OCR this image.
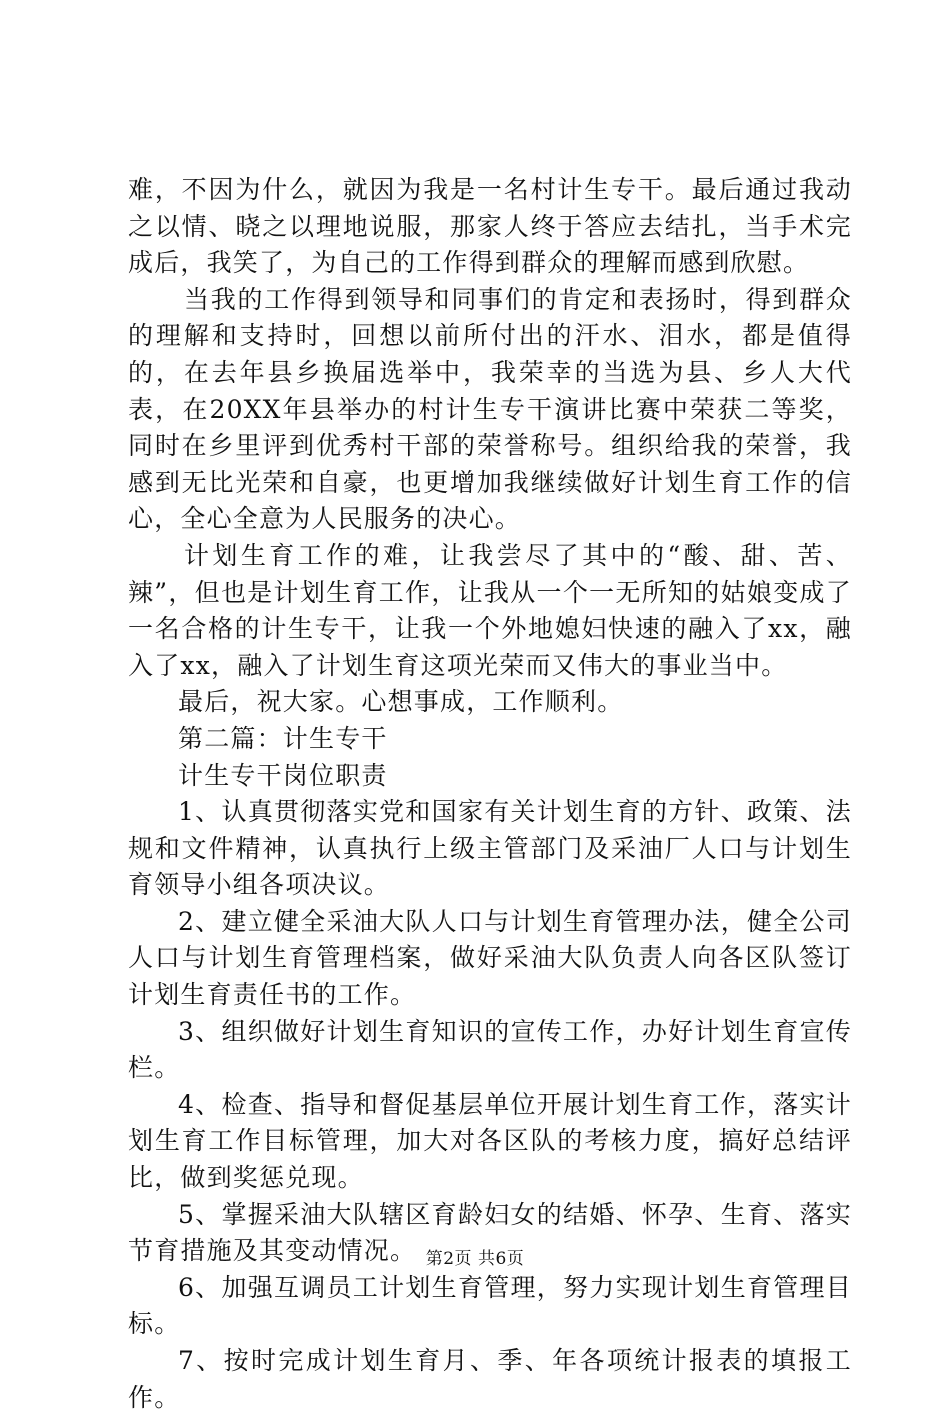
难，不因为什么，就因为我是一名村计生专干。最后通过我动之以情、晓之以理地说服，那家人终于答应去结扎，当手术完成后，我笑了，为自己的工作得到群众的理解而感到欣慰。

当我的工作得到领导和同事们的肯定和表扬时，得到群众的理解和支持时，回想以前所付出的汗水、泪水，都是值得的，在去年县乡换届选举中，我荣幸的当选为县、乡人大代表，在20XX年县举办的村计生专干演讲比赛中荣获二等奖，同时在乡里评到优秀村干部的荣誉称号。组织给我的荣誉，我感到无比光荣和自豪，也更增加我继续做好计划生育工作的信心，全心全意为人民服务的决心。

计划生育工作的难，让我尝尽了其中的“酸、甜、苦、辣”，但也是计划生育工作，让我从一个一无所知的姑娘变成了一名合格的计生专干，让我一个外地媳妇快速的融入了xx，融入了xx，融入了计划生育这项光荣而又伟大的事业当中。

最后，祝大家。心想事成，工作顺利。

第二篇：计生专干

计生专干岗位职责

1、认真贯彻落实党和国家有关计划生育的方针、政策、法规和文件精神，认真执行上级主管部门及采油厂人口与计划生育领导小组各项决议。

2、建立健全采油大队人口与计划生育管理办法，健全公司人口与计划生育管理档案，做好采油大队负责人向各区队签订计划生育责任书的工作。

3、组织做好计划生育知识的宣传工作，办好计划生育宣传栏。

4、检查、指导和督促基层单位开展计划生育工作，落实计划生育工作目标管理，加大对各区队的考核力度，搞好总结评比，做到奖惩兑现。

5、掌握采油大队辖区育龄妇女的结婚、怀孕、生育、落实节育措施及其变动情况。

6、加强互调员工计划生育管理，努力实现计划生育管理目标。

7、按时完成计划生育月、季、年各项统计报表的填报工作。

第2页 共6页
